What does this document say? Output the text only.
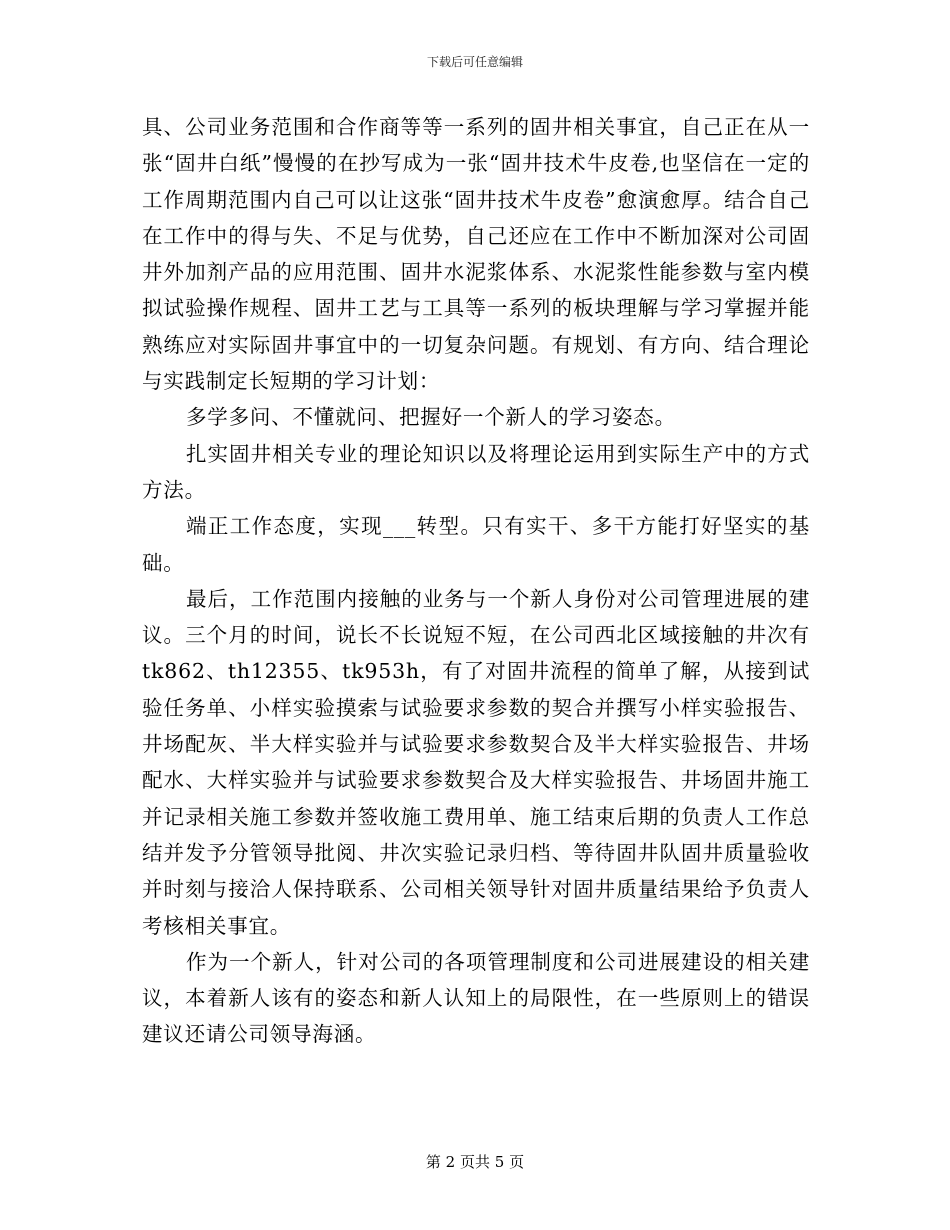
下载后可任意编辑

具、公司业务范围和合作商等等一系列的固井相关事宜，自己正在从一张“固井白纸”慢慢的在抄写成为一张“固井技术牛皮卷,也坚信在一定的工作周期范围内自己可以让这张“固井技术牛皮卷”愈演愈厚。结合自己在工作中的得与失、不足与优势，自己还应在工作中不断加深对公司固井外加剂产品的应用范围、固井水泥浆体系、水泥浆性能参数与室内模拟试验操作规程、固井工艺与工具等一系列的板块理解与学习掌握并能熟练应对实际固井事宜中的一切复杂问题。有规划、有方向、结合理论与实践制定长短期的学习计划：

多学多问、不懂就问、把握好一个新人的学习姿态。

扎实固井相关专业的理论知识以及将理论运用到实际生产中的方式方法。

端正工作态度，实现___转型。只有实干、多干方能打好坚实的基础。

最后，工作范围内接触的业务与一个新人身份对公司管理进展的建议。三个月的时间，说长不长说短不短，在公司西北区域接触的井次有 tk862、th12355、tk953h，有了对固井流程的简单了解，从接到试验任务单、小样实验摸索与试验要求参数的契合并撰写小样实验报告、井场配灰、半大样实验并与试验要求参数契合及半大样实验报告、井场配水、大样实验并与试验要求参数契合及大样实验报告、井场固井施工并记录相关施工参数并签收施工费用单、施工结束后期的负责人工作总结并发予分管领导批阅、井次实验记录归档、等待固井队固井质量验收并时刻与接洽人保持联系、公司相关领导针对固井质量结果给予负责人考核相关事宜。

作为一个新人，针对公司的各项管理制度和公司进展建设的相关建议，本着新人该有的姿态和新人认知上的局限性，在一些原则上的错误建议还请公司领导海涵。

第 2 页共 5 页
